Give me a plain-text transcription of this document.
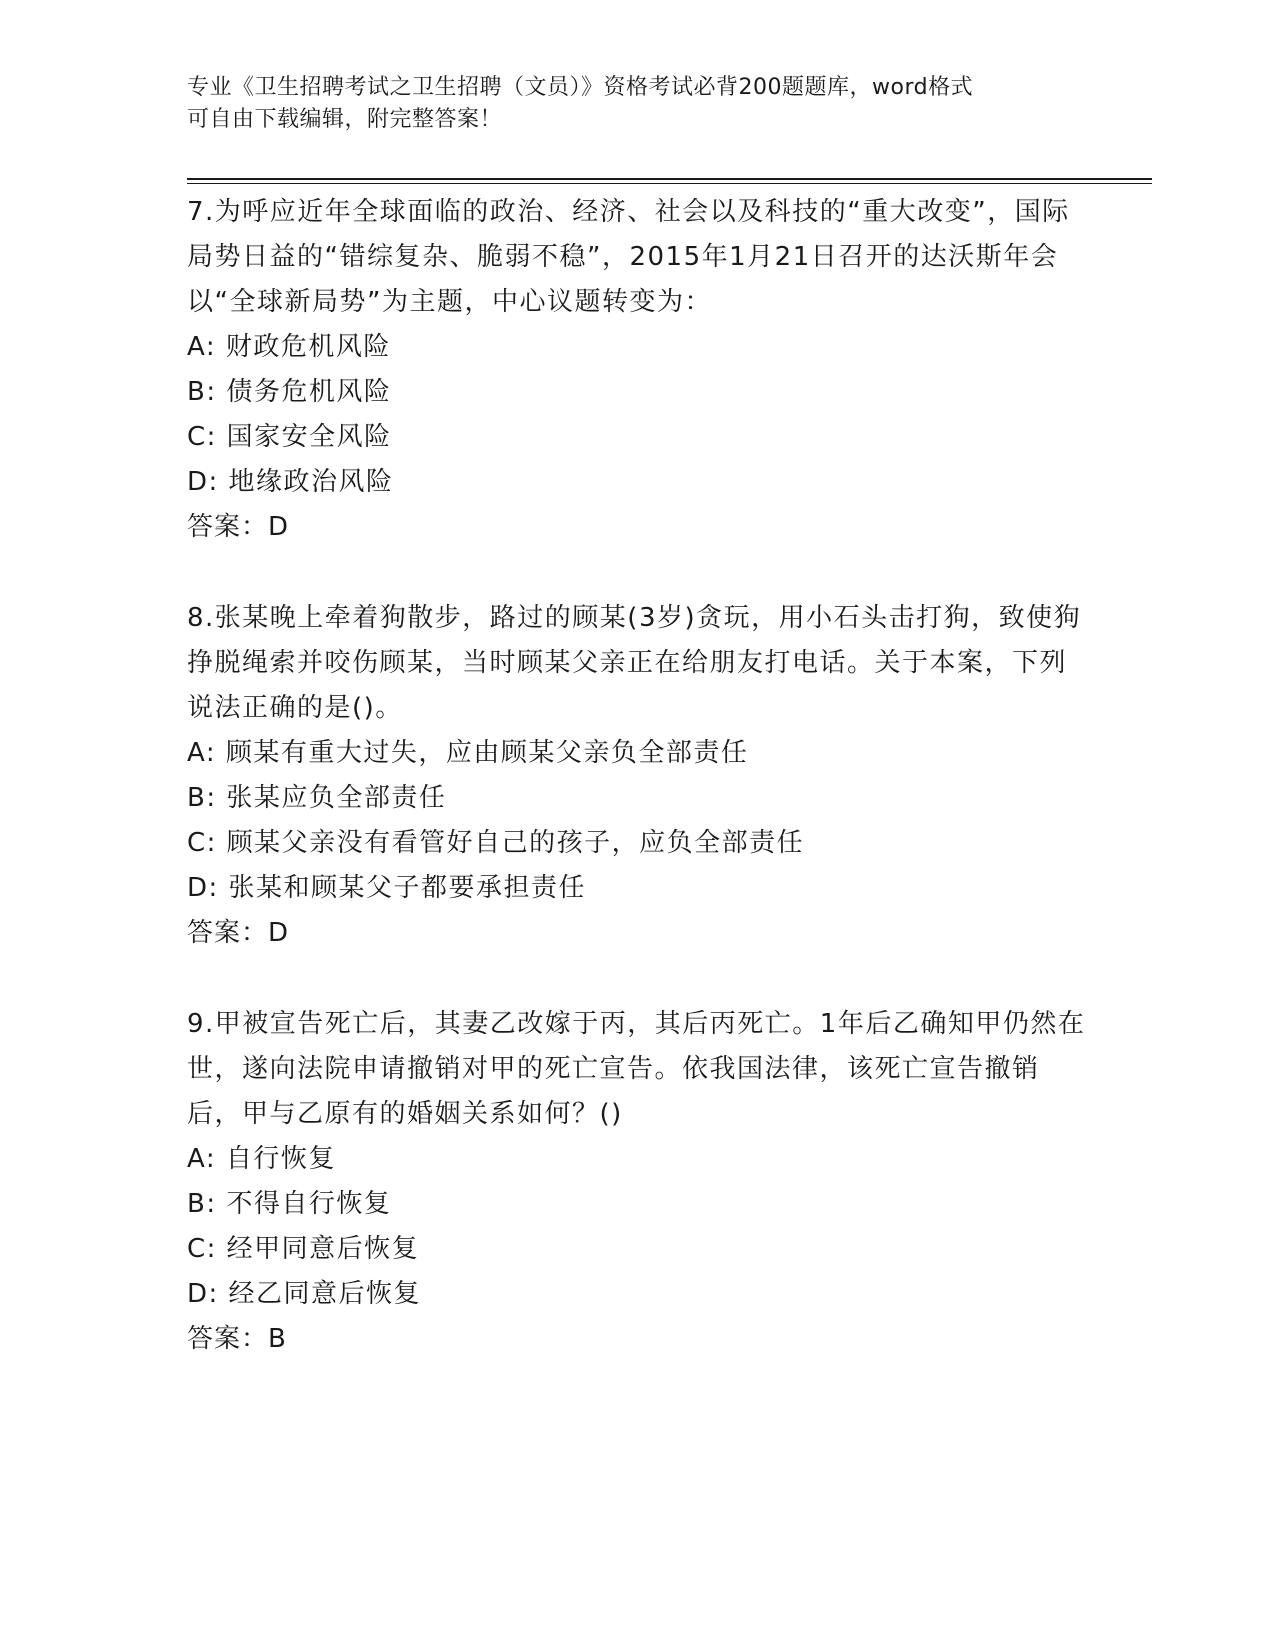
专业《卫生招聘考试之卫生招聘（文员）》资格考试必背200题题库，word格式
可自由下载编辑，附完整答案！

7.为呼应近年全球面临的政治、经济、社会以及科技的“重大改变”，国际局势日益的“错综复杂、脆弱不稳”，2015年1月21日召开的达沃斯年会以“全球新局势”为主题，中心议题转变为：

A: 财政危机风险

B: 债务危机风险

C: 国家安全风险

D: 地缘政治风险

答案：D

8.张某晚上牵着狗散步，路过的顾某(3岁)贪玩，用小石头击打狗，致使狗挣脱绳索并咬伤顾某，当时顾某父亲正在给朋友打电话。关于本案，下列说法正确的是()。

A: 顾某有重大过失，应由顾某父亲负全部责任

B: 张某应负全部责任

C: 顾某父亲没有看管好自己的孩子，应负全部责任

D: 张某和顾某父子都要承担责任

答案：D

9.甲被宣告死亡后，其妻乙改嫁于丙，其后丙死亡。1年后乙确知甲仍然在世，遂向法院申请撤销对甲的死亡宣告。依我国法律，该死亡宣告撤销后，甲与乙原有的婚姻关系如何？()

A: 自行恢复

B: 不得自行恢复

C: 经甲同意后恢复

D: 经乙同意后恢复

答案：B
